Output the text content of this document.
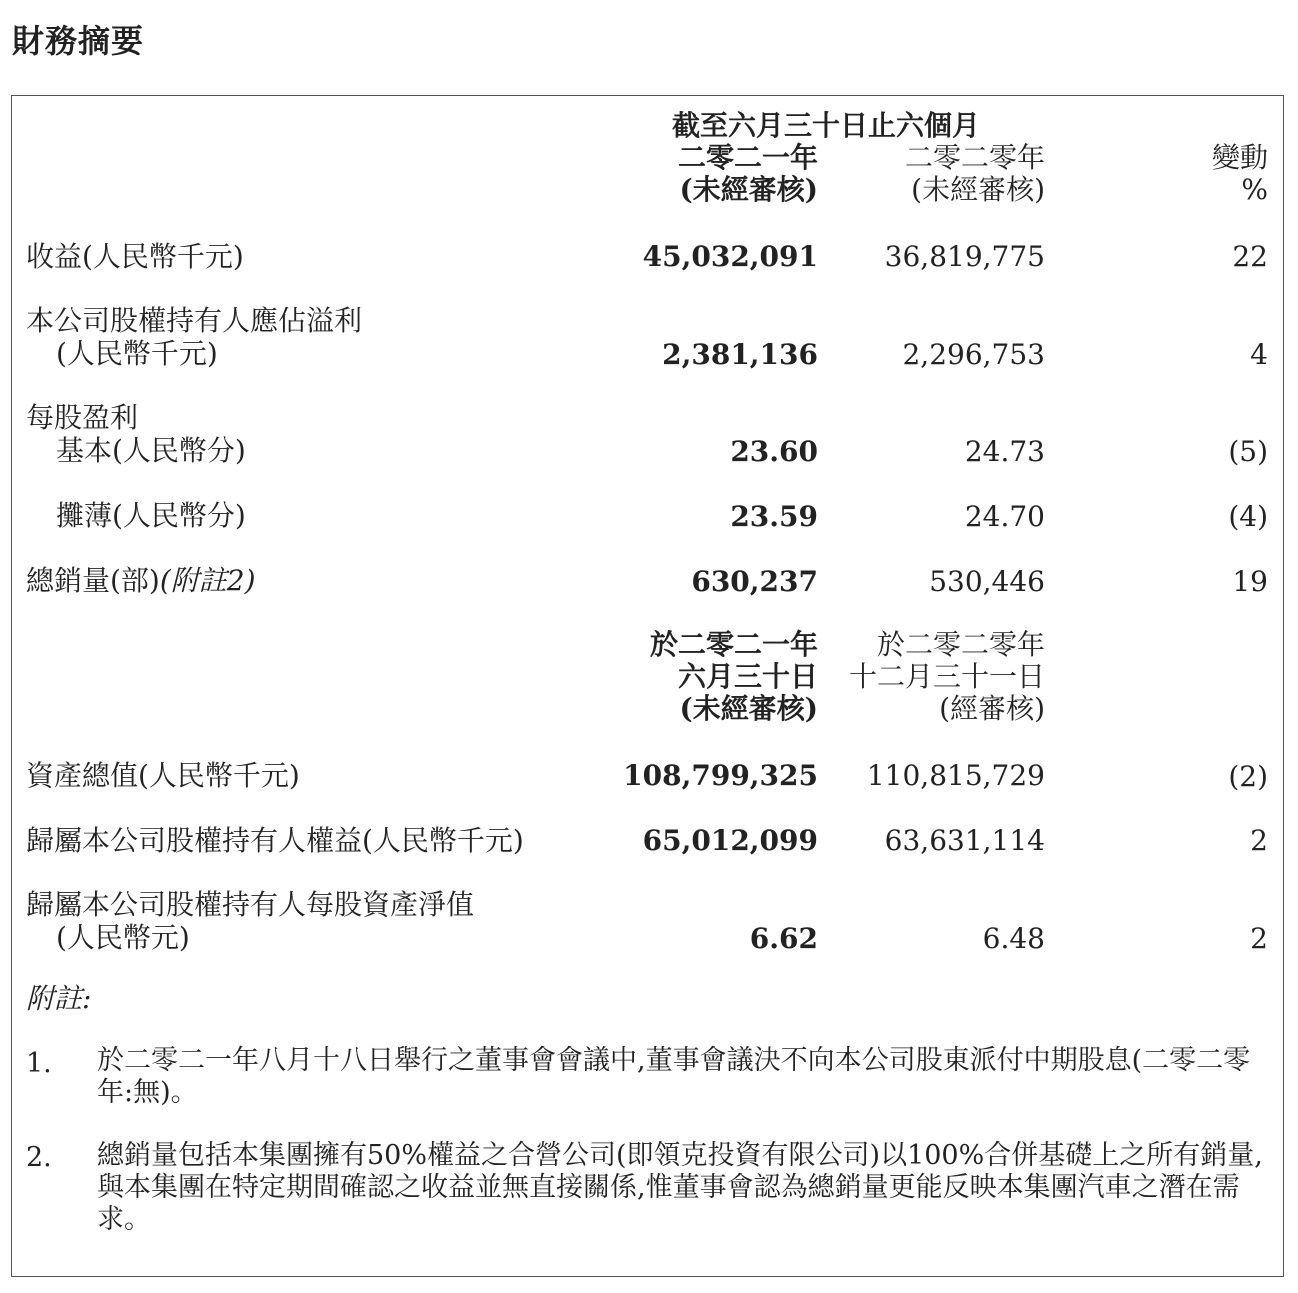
財務摘要
截至六月三十日止六個月
二零二一年
(未經審核)
二零二零年
(未經審核)
變動
%
收益(人民幣千元)	45,032,091 36,819,775	22
本公司股權持有人應佔溢利
(人民幣千元)	2,381,136	2,296,753	4
每股盈利
基本(人民幣分)	23.60	24.73	(5)
攤薄(人民幣分)	23.59	24.70	(4)
總銷量(部)(附註2)	630,237	530,446	19
於二零二一年
六月三十日
(未經審核)
於二零二零年
十二月三十一日
(經審核)
資產總值(人民幣千元)	108,799,325 110,815,729	(2)
歸屬本公司股權持有人權益(人民幣千元)	65,012,099 63,631,114	2
歸屬本公司股權持有人每股資產淨值
(人民幣元)	6.62	6.48	2
附註:
1. 於二零二一年八月十八日舉行之董事會會議中,董事會議決不向本公司股東派付中期股息(二零二零年:無)。
2. 總銷量包括本集團擁有50%權益之合營公司(即領克投資有限公司)以100%合併基礎上之所有銷量,與本集團在特定期間確認之收益並無直接關係,惟董事會認為總銷量更能反映本集團汽車之潛在需求。
